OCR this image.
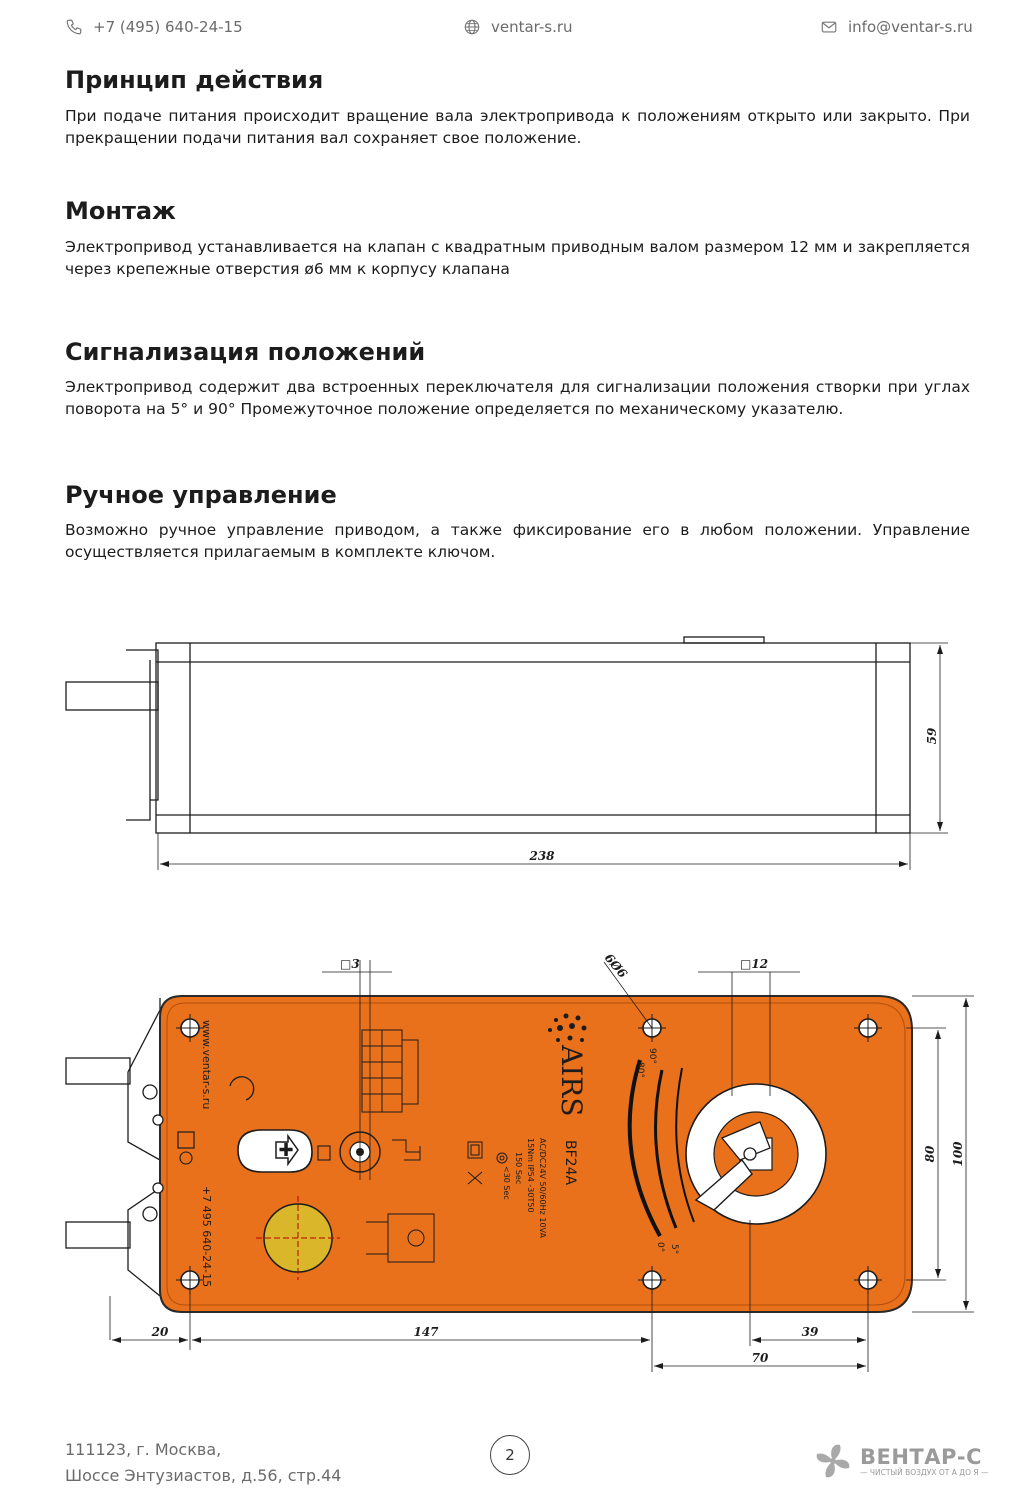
+7 (495) 640-24-15	ventar-s.ru	info@ventar-s.ru
Принцип действия

При подаче питания происходит вращение вала электропривода к положениям открыто или закрыто. При прекращении подачи питания вал сохраняет свое положение.

Монтаж

Электропривод устанавливается на клапан с квадратным приводным валом размером 12 мм и закрепляется через крепежные отверстия ø6 мм к корпусу клапана

Сигнализация положений

Электропривод содержит два встроенных переключателя для сигнализации положения створки при углах поворота на 5° и 90° Промежуточное положение определяется по механическому указателю.

Ручное управление

Возможно ручное управление приводом, а также фиксирование его в любом положении. Управление осуществляется прилагаемым в комплекте ключом.

59
238
✚
www.ventar-s.ru
+7 495 640-24-15
AIRS
BF24A
AC/DC24V 50/60Hz 10VA
15Nm IP54 -30T50
150 Sec
<30 Sec
90°
80°
5°
0°
□3	6Ø6	□12
80 100
20	147	39
70
111123, г. Москва,
Шоссе Энтузиастов, д.56, стр.44
2	ВЕНТАР-С
— ЧИСТЫЙ ВОЗДУХ ОТ А ДО Я —
